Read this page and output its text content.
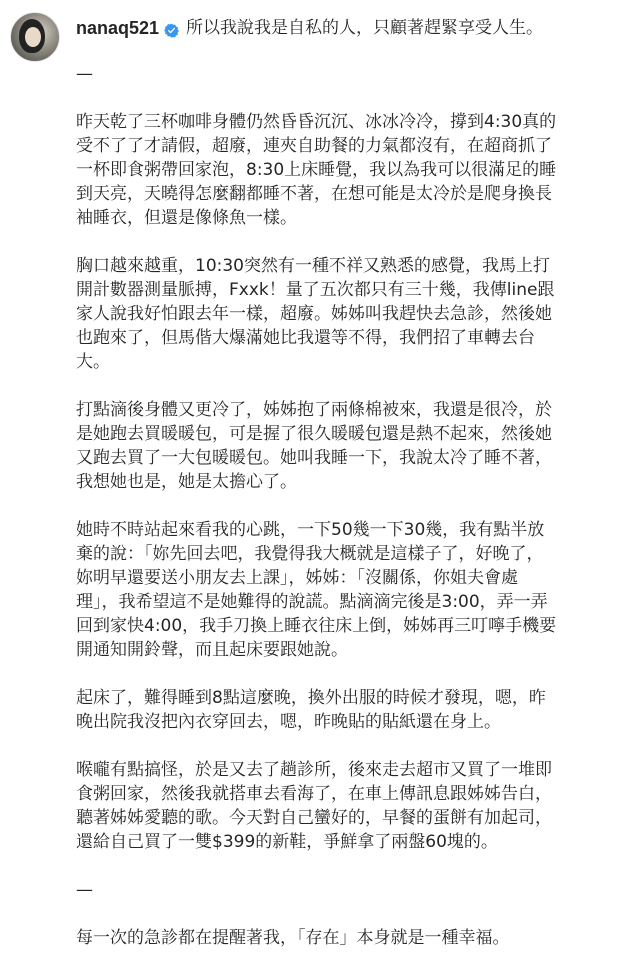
nanaq521 所以我說我是自私的人，只顧著趕緊享受人生。

—

昨天乾了三杯咖啡身體仍然昏昏沉沉、冰冰冷冷，撐到4:30真的
受不了了才請假，超廢，連夾自助餐的力氣都沒有，在超商抓了
一杯即食粥帶回家泡，8:30上床睡覺，我以為我可以很滿足的睡
到天亮，天曉得怎麼翻都睡不著，在想可能是太冷於是爬身換長
袖睡衣，但還是像條魚一樣。

胸口越來越重，10:30突然有一種不祥又熟悉的感覺，我馬上打
開計數器測量脈搏，Fxxk！量了五次都只有三十幾，我傳line跟
家人說我好怕跟去年一樣，超廢。姊姊叫我趕快去急診，然後她
也跑來了，但馬偕大爆滿她比我還等不得，我們招了車轉去台
大。

打點滴後身體又更冷了，姊姊抱了兩條棉被來，我還是很冷，於
是她跑去買暖暖包，可是握了很久暖暖包還是熱不起來，然後她
又跑去買了一大包暖暖包。她叫我睡一下，我說太冷了睡不著，
我想她也是，她是太擔心了。

她時不時站起來看我的心跳，一下50幾一下30幾，我有點半放
棄的說：「妳先回去吧，我覺得我大概就是這樣子了，好晚了，
妳明早還要送小朋友去上課」，姊姊：「沒關係，你姐夫會處
理」，我希望這不是她難得的說謊。點滴滴完後是3:00，弄一弄
回到家快4:00，我手刀換上睡衣往床上倒，姊姊再三叮嚀手機要
開通知開鈴聲，而且起床要跟她說。

起床了，難得睡到8點這麼晚，換外出服的時候才發現，嗯，昨
晚出院我沒把內衣穿回去，嗯，昨晚貼的貼紙還在身上。

喉嚨有點搞怪，於是又去了趟診所，後來走去超市又買了一堆即
食粥回家，然後我就搭車去看海了，在車上傳訊息跟姊姊告白，
聽著姊姊愛聽的歌。今天對自己蠻好的，早餐的蛋餅有加起司，
還給自己買了一雙$399的新鞋，爭鮮拿了兩盤60塊的。

—

每一次的急診都在提醒著我，「存在」本身就是一種幸福。
